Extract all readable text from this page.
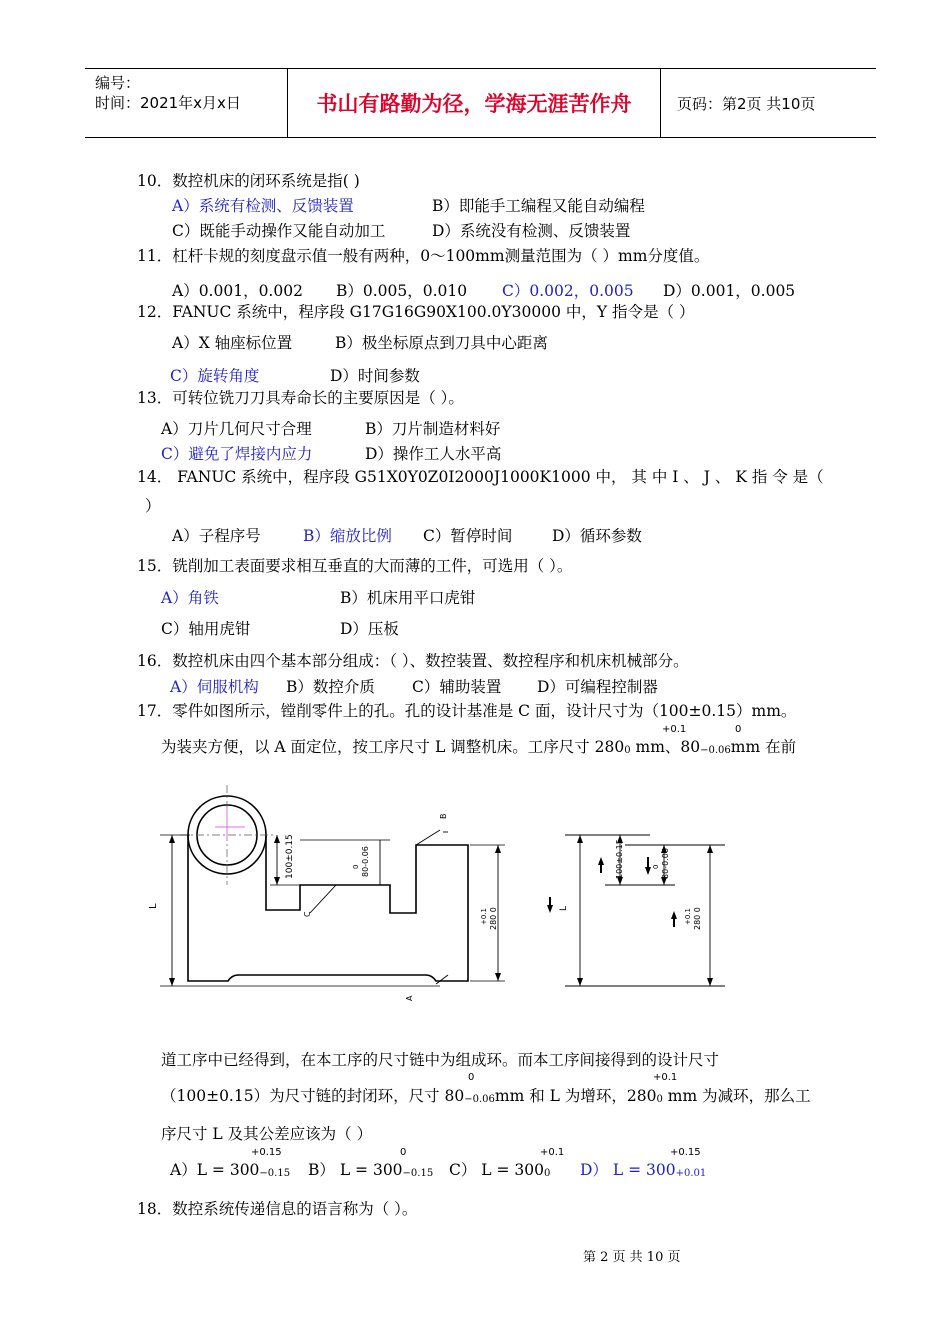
编号：
时间：2021年x月x日	书山有路勤为径，学海无涯苦作舟	页码：第2页 共10页
10．数控机床的闭环系统是指( )
A）系统有检测、反馈装置	B）即能手工编程又能自动编程
C）既能手动操作又能自动加工	D）系统没有检测、反馈装置
11．杠杆卡规的刻度盘示值一般有两种，0～100mm测量范围为（ ）mm分度值。
A）0.001，0.002 B）0.005，0.010 C）0.002，0.005 D）0.001，0.005
12．FANUC 系统中，程序段 G17G16G90X100.0Y30000 中，Y 指令是（ ）
A）X 轴座标位置	B）极坐标原点到刀具中心距离
C）旋转角度	D）时间参数
13．可转位铣刀刀具寿命长的主要原因是（ ）。
A）刀片几何尺寸合理	B）刀片制造材料好
C）避免了焊接内应力	D）操作工人水平高
14． FANUC 系统中，程序段 G51X0Y0Z0I2000J1000K1000 中， 其 中 I 、 J 、 K 指 令 是（
）
A）子程序号	B）缩放比例 C）暂停时间	D）循环参数
15．铣削加工表面要求相互垂直的大而薄的工件，可选用（ ）。
A）角铁	B）机床用平口虎钳
C）轴用虎钳	D）压板
16．数控机床由四个基本部分组成：（ ）、数控装置、数控程序和机床机械部分。
A）伺服机构 B）数控介质 C）辅助装置 D）可编程控制器
17．零件如图所示，镗削零件上的孔。孔的设计基准是 C 面，设计尺寸为（100±0.15）mm。
+0.1	0
为装夹方便，以 A 面定位，按工序尺寸 L 调整机床。工序尺寸 $280^0$ mm、$80^{-0.06}mm$ 在前
L
100±0.15	0 80-0.06
+0.1 280 0
B
C
A
100±0.15	0 80-0.06
+0.1 280 0
L
道工序中已经得到，在本工序的尺寸链中为组成环。而本工序间接得到的设计尺寸
0	+0.1
（100±0.15）为尺寸链的封闭环，尺寸 $80^{-0.06}mm$ 和 L 为增环，$280^0$ mm 为减环，那么工
序尺寸 L 及其公差应该为（ ）
+0.15	0	+0.1	+0.15
$A)L = 300^{-0.15}$ B） $L = 300^{-0.15}$ C） $L = 300^0$ D） $L = 300^{+0.01}$
18．数控系统传递信息的语言称为（ ）。
第 2 页 共 10 页
